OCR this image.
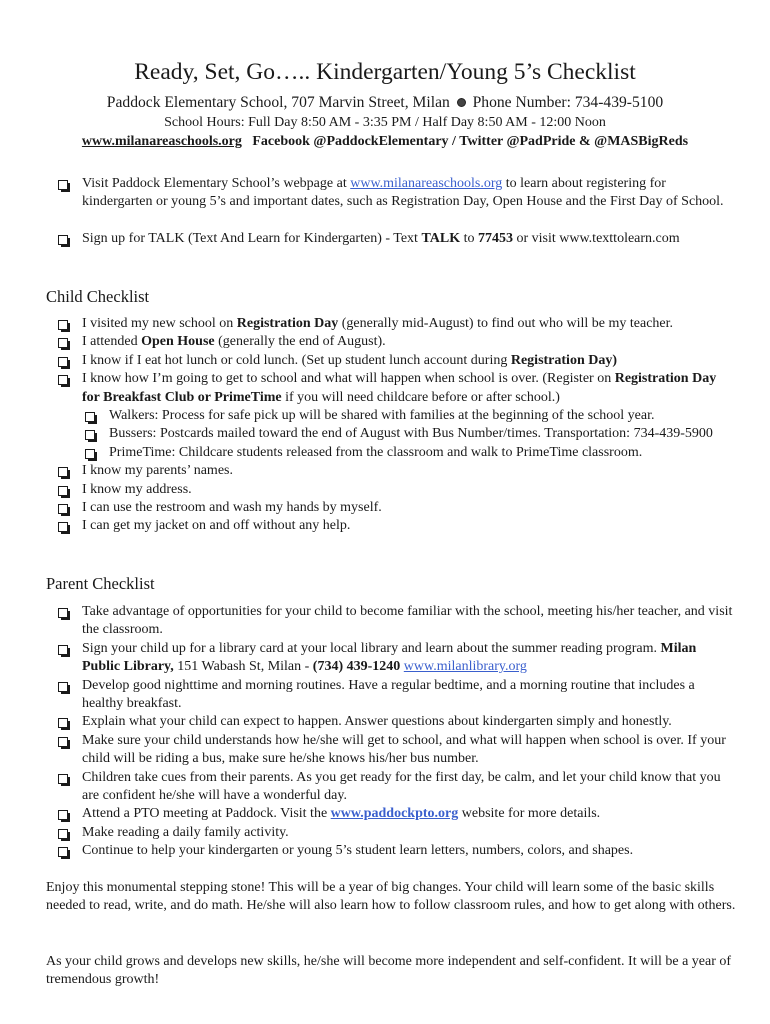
Ready, Set, Go….. Kindergarten/Young 5’s Checklist

Paddock Elementary School, 707 Marvin Street, Milan Phone Number: 734-439-5100

School Hours: Full Day 8:50 AM - 3:35 PM / Half Day 8:50 AM - 12:00 Noon

www.milanareaschools.org Facebook @PaddockElementary / Twitter @PadPride & @MASBigReds

Visit Paddock Elementary School’s webpage at www.milanareaschools.org to learn about registering for kindergarten or young 5’s and important dates, such as Registration Day, Open House and the First Day of School.
Sign up for TALK (Text And Learn for Kindergarten) - Text TALK to 77453 or visit www.texttolearn.com
Child Checklist
I visited my new school on Registration Day (generally mid-August) to find out who will be my teacher.
I attended Open House (generally the end of August).
I know if I eat hot lunch or cold lunch. (Set up student lunch account during Registration Day)
I know how I’m going to get to school and what will happen when school is over. (Register on Registration Day for Breakfast Club or PrimeTime if you will need childcare before or after school.)
Walkers: Process for safe pick up will be shared with families at the beginning of the school year.
Bussers: Postcards mailed toward the end of August with Bus Number/times. Transportation: 734-439-5900
PrimeTime: Childcare students released from the classroom and walk to PrimeTime classroom.
I know my parents’ names.
I know my address.
I can use the restroom and wash my hands by myself.
I can get my jacket on and off without any help.
Parent Checklist
Take advantage of opportunities for your child to become familiar with the school, meeting his/her teacher, and visit the classroom.
Sign your child up for a library card at your local library and learn about the summer reading program. Milan Public Library, 151 Wabash St, Milan - (734) 439-1240 www.milanlibrary.org
Develop good nighttime and morning routines. Have a regular bedtime, and a morning routine that includes a healthy breakfast.
Explain what your child can expect to happen. Answer questions about kindergarten simply and honestly.
Make sure your child understands how he/she will get to school, and what will happen when school is over. If your child will be riding a bus, make sure he/she knows his/her bus number.
Children take cues from their parents. As you get ready for the first day, be calm, and let your child know that you are confident he/she will have a wonderful day.
Attend a PTO meeting at Paddock. Visit the www.paddockpto.org website for more details.
Make reading a daily family activity.
Continue to help your kindergarten or young 5’s student learn letters, numbers, colors, and shapes.

Enjoy this monumental stepping stone! This will be a year of big changes. Your child will learn some of the basic skills needed to read, write, and do math. He/she will also learn how to follow classroom rules, and how to get along with others.

As your child grows and develops new skills, he/she will become more independent and self-confident. It will be a year of tremendous growth!
